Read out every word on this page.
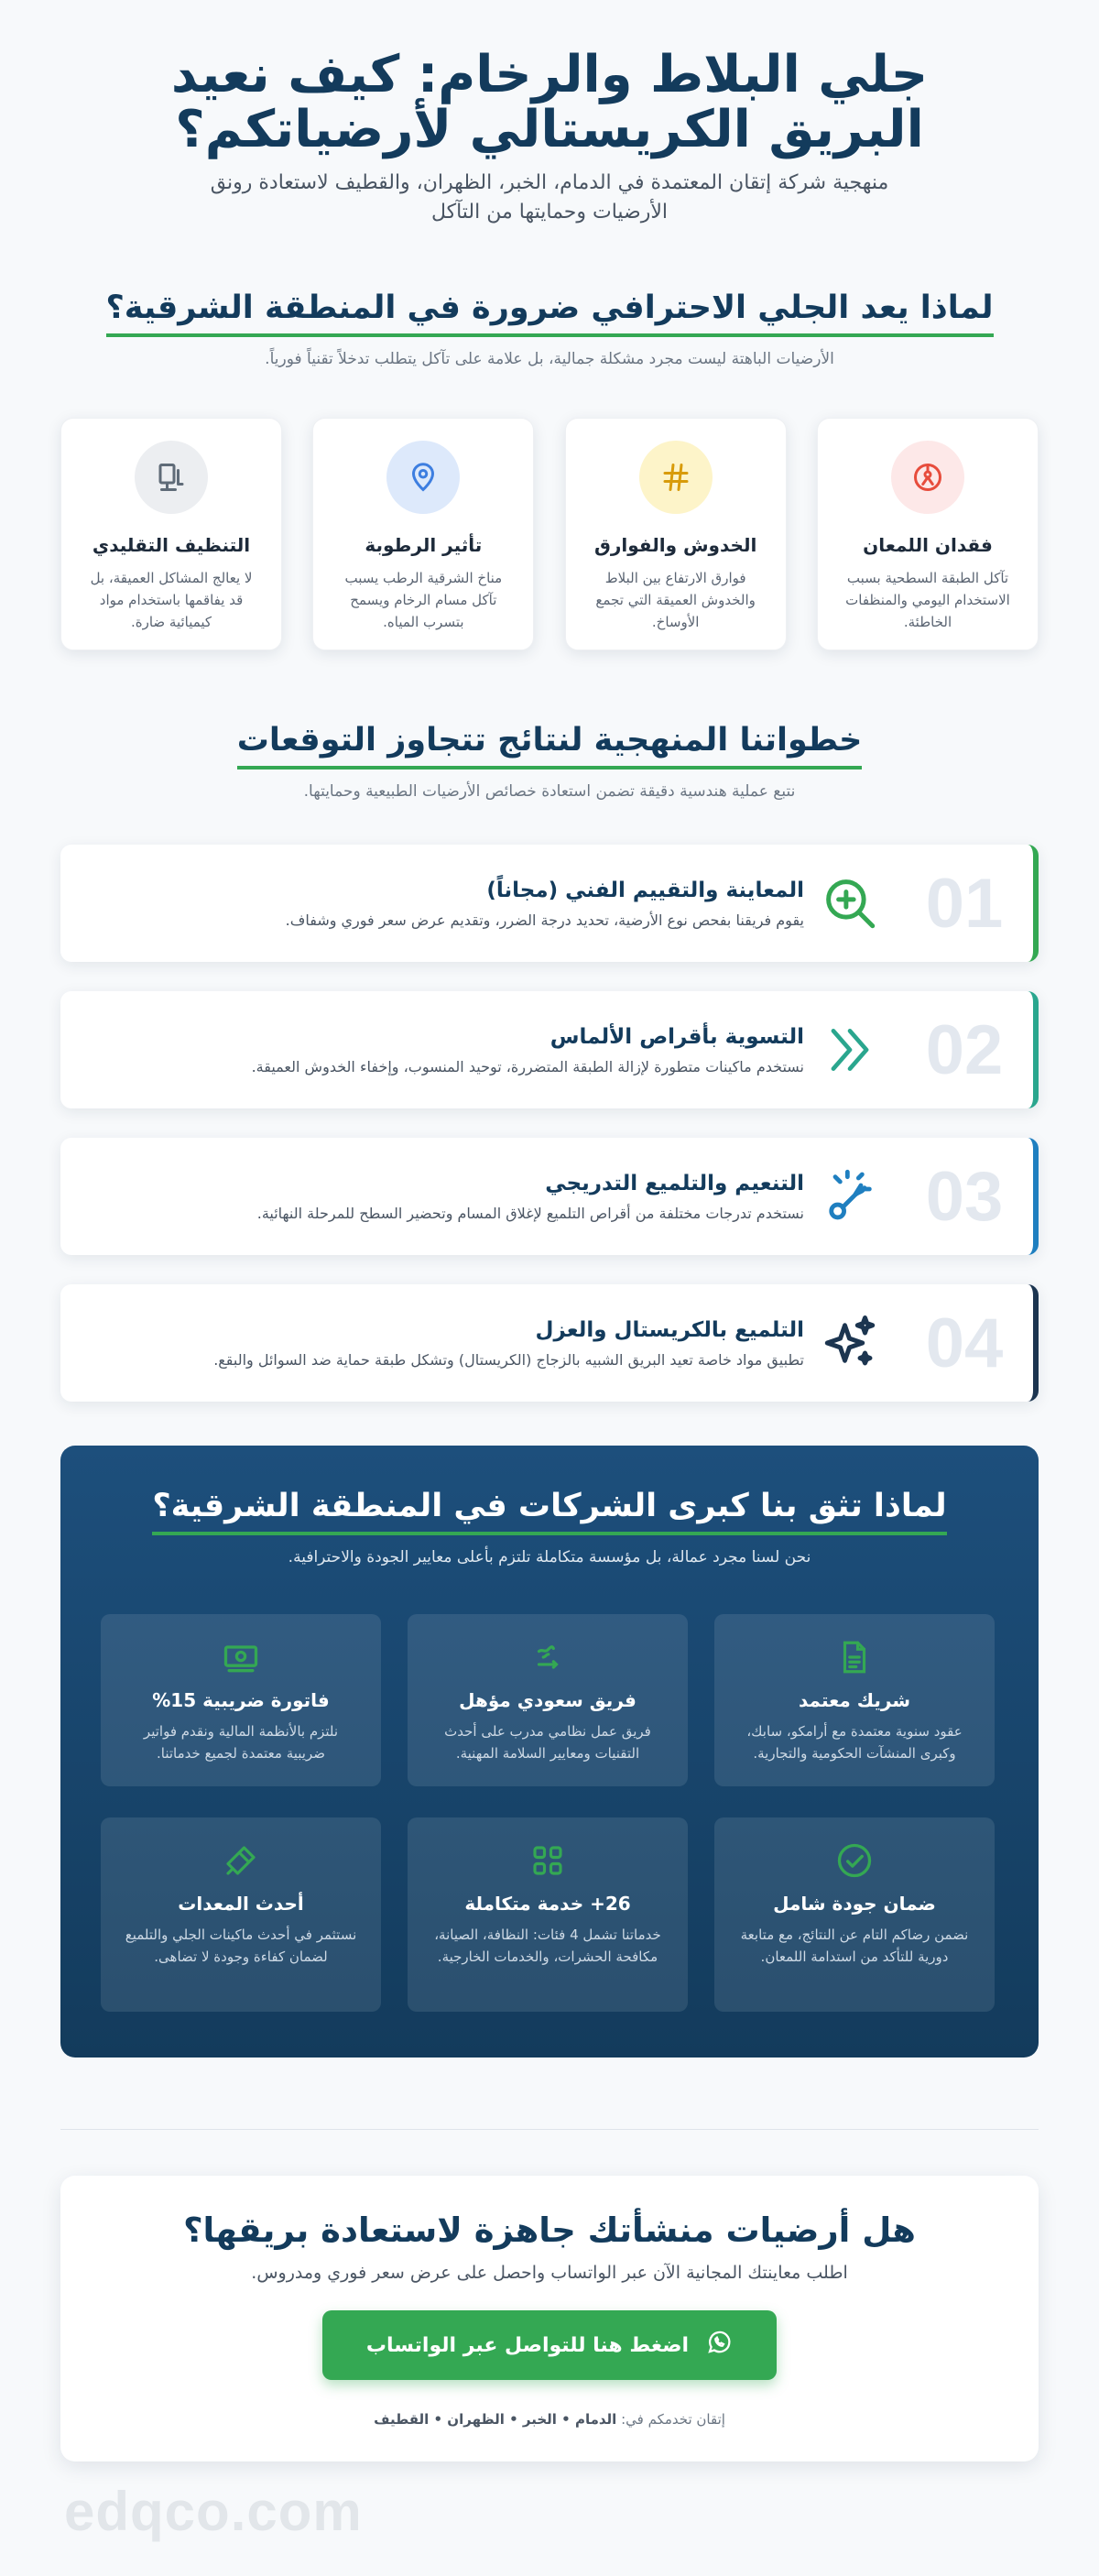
جلي البلاط والرخام: كيف نعيد البريق الكريستالي لأرضياتكم؟

منهجية شركة إتقان المعتمدة في الدمام، الخبر، الظهران، والقطيف لاستعادة رونق الأرضيات وحمايتها من التآكل

لماذا يعد الجلي الاحترافي ضرورة في المنطقة الشرقية؟

الأرضيات الباهتة ليست مجرد مشكلة جمالية، بل علامة على تآكل يتطلب تدخلاً تقنياً فورياً.

فقدان اللمعان

تآكل الطبقة السطحية بسبب الاستخدام اليومي والمنظفات الخاطئة.

الخدوش والفوارق

فوارق الارتفاع بين البلاط والخدوش العميقة التي تجمع الأوساخ.

تأثير الرطوبة

مناخ الشرقية الرطب يسبب تآكل مسام الرخام ويسمح بتسرب المياه.

التنظيف التقليدي

لا يعالج المشاكل العميقة، بل قد يفاقمها باستخدام مواد كيميائية ضارة.

خطواتنا المنهجية لنتائج تتجاوز التوقعات

نتبع عملية هندسية دقيقة تضمن استعادة خصائص الأرضيات الطبيعية وحمايتها.

01
المعاينة والتقييم الفني (مجاناً)

يقوم فريقنا بفحص نوع الأرضية، تحديد درجة الضرر، وتقديم عرض سعر فوري وشفاف.

02
التسوية بأقراص الألماس

نستخدم ماكينات متطورة لإزالة الطبقة المتضررة، توحيد المنسوب، وإخفاء الخدوش العميقة.

03
التنعيم والتلميع التدريجي

نستخدم تدرجات مختلفة من أقراص التلميع لإغلاق المسام وتحضير السطح للمرحلة النهائية.

04
التلميع بالكريستال والعزل

تطبيق مواد خاصة تعيد البريق الشبيه بالزجاج (الكريستال) وتشكل طبقة حماية ضد السوائل والبقع.

لماذا تثق بنا كبرى الشركات في المنطقة الشرقية؟

نحن لسنا مجرد عمالة، بل مؤسسة متكاملة تلتزم بأعلى معايير الجودة والاحترافية.

شريك معتمد

عقود سنوية معتمدة مع أرامكو، سابك، وكبرى المنشآت الحكومية والتجارية.

فريق سعودي مؤهل

فريق عمل نظامي مدرب على أحدث التقنيات ومعايير السلامة المهنية.

فاتورة ضريبية 15%

نلتزم بالأنظمة المالية ونقدم فواتير ضريبية معتمدة لجميع خدماتنا.

ضمان جودة شامل

نضمن رضاكم التام عن النتائج، مع متابعة دورية للتأكد من استدامة اللمعان.

26+ خدمة متكاملة

خدماتنا تشمل 4 فئات: النظافة، الصيانة، مكافحة الحشرات، والخدمات الخارجية.

أحدث المعدات

نستثمر في أحدث ماكينات الجلي والتلميع لضمان كفاءة وجودة لا تضاهى.

هل أرضيات منشأتك جاهزة لاستعادة بريقها؟

اطلب معاينتك المجانية الآن عبر الواتساب واحصل على عرض سعر فوري ومدروس.

اضغط هنا للتواصل عبر الواتساب
إتقان تخدمكم في: الدمام • الخبر • الظهران • القطيف
edqco.com
